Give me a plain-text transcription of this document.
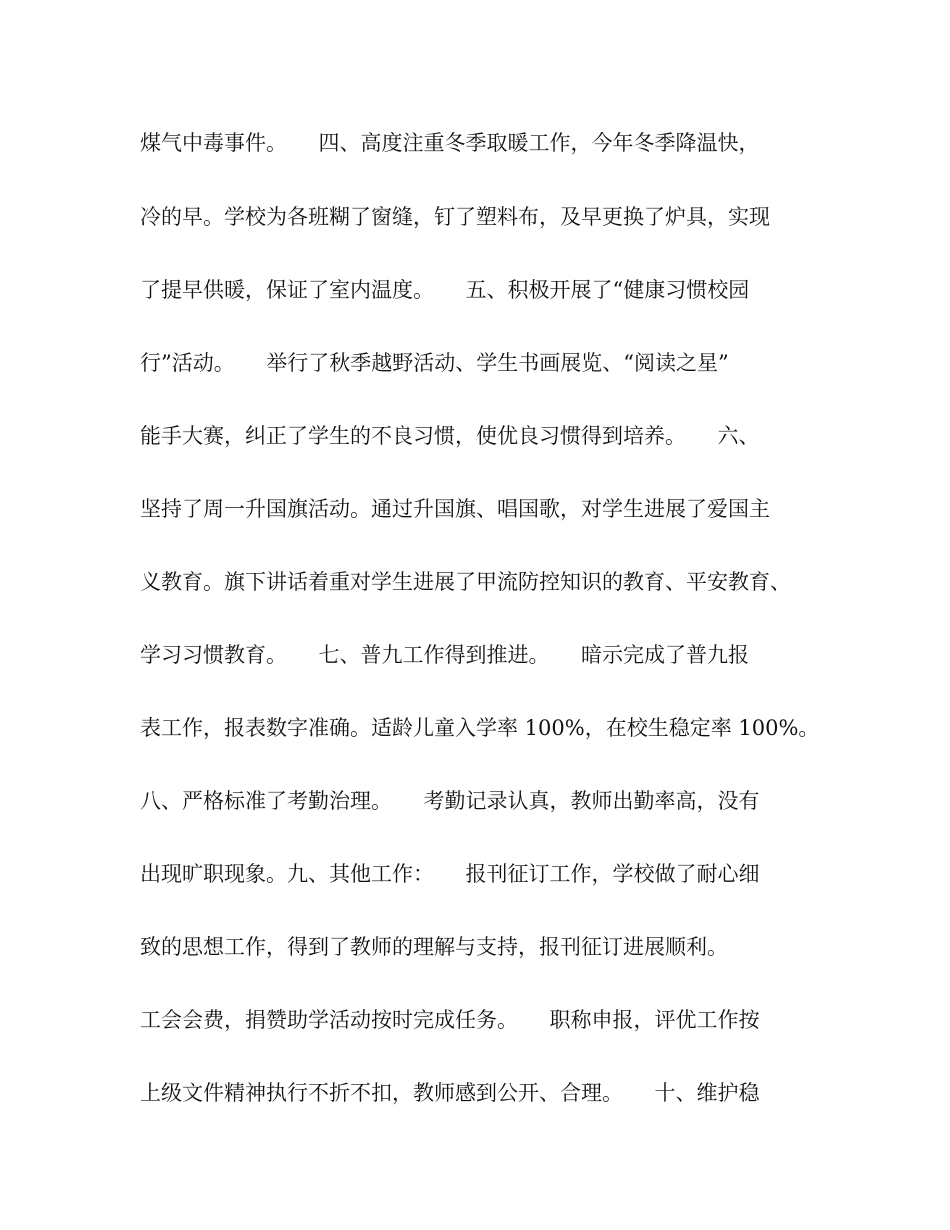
煤气中毒事件。　　四、高度注重冬季取暖工作，今年冬季降温快，
冷的早。学校为各班糊了窗缝，钉了塑料布，及早更换了炉具，实现
了提早供暖，保证了室内温度。　　五、积极开展了“健康习惯校园
行”活动。　　举行了秋季越野活动、学生书画展览、“阅读之星”
能手大赛，纠正了学生的不良习惯，使优良习惯得到培养。　　六、
坚持了周一升国旗活动。通过升国旗、唱国歌，对学生进展了爱国主
义教育。旗下讲话着重对学生进展了甲流防控知识的教育、平安教育、
学习习惯教育。　　七、普九工作得到推进。　　暗示完成了普九报
表工作，报表数字准确。适龄儿童入学率 100%，在校生稳定率 100%。
八、严格标准了考勤治理。　　考勤记录认真，教师出勤率高，没有
出现旷职现象。九、其他工作：　　报刊征订工作，学校做了耐心细
致的思想工作，得到了教师的理解与支持，报刊征订进展顺利。
工会会费，捐赞助学活动按时完成任务。　　职称申报，评优工作按
上级文件精神执行不折不扣，教师感到公开、合理。　　十、维护稳
